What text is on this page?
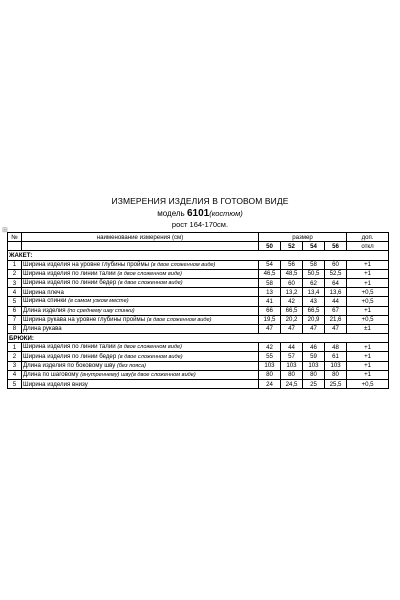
⊞
ИЗМЕРЕНИЯ ИЗДЕЛИЯ В ГОТОВОМ ВИДЕ
модель 6101(костюм)
рост 164-170см.
№	наименование измерения (см)	размер				доп.
		50	52	54	56	откл
ЖАКЕТ:						
1	Ширина изделия на уровне глубины проймы (в двое сложенном виде)	54	56	58	60	+1
2	Ширина изделия по линии талии (в двое сложенном виде)	46,5	48,5	50,5	52,5	+1
3	Ширина изделия по линии бедер (в двое сложенном виде)	58	60	62	64	+1
4	Ширина плеча	13	13,2	13,4	13,6	+0,5
5	Ширина спинки (в самом узком месте)	41	42	43	44	+0,5
6	Длина изделия (по среднему шву спинки)	66	66,5	66,5	67	+1
7	Ширина рукава на уровне глубины проймы (в двое сложенном виде)	19,5	20,2	20,9	21,6	+0,5
8	Длина рукава	47	47	47	47	±1
БРЮКИ:						
1	Ширина изделия по линии талии (в двое сложенном виде)	42	44	46	48	+1
2	Ширина изделия по линии бедер (в двое сложенном виде)	55	57	59	61	+1
3	Длина изделия по боковому шву (без пояса)	103	103	103	103	+1
4	Длина по шаговому (внутреннему) шву(в двое сложенном виде)	80	80	80	80	+1
5	Ширина изделия внизу	24	24,5	25	25,5	+0,5
